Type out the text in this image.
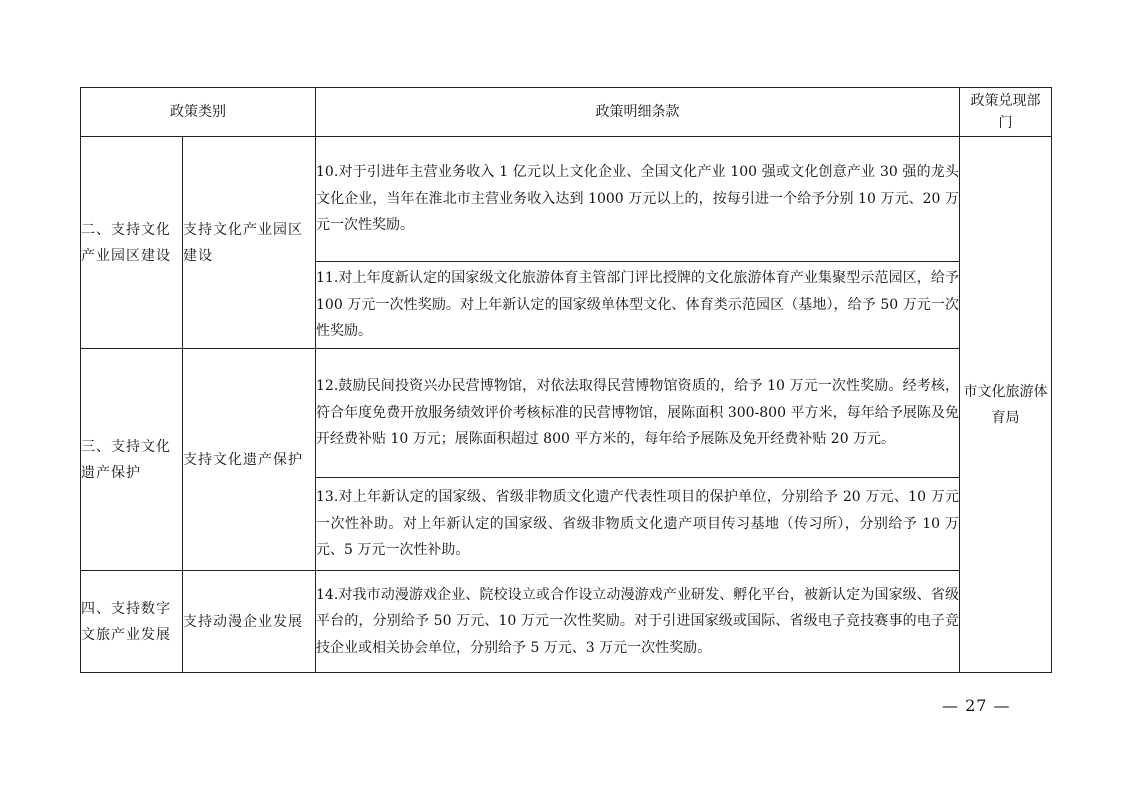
政策类别		政策明细条款	政策兑现部门
二、支持文化产业园区建设	支持文化产业园区建设	10.对于引进年主营业务收入 1 亿元以上文化企业、全国文化产业 100 强或文化创意产业 30 强的龙头文化企业，当年在淮北市主营业务收入达到 1000 万元以上的，按每引进一个给予分别 10 万元、20 万元一次性奖励。	市文化旅游体育局
		11.对上年度新认定的国家级文化旅游体育主管部门评比授牌的文化旅游体育产业集聚型示范园区，给予 100 万元一次性奖励。对上年新认定的国家级单体型文化、体育类示范园区（基地），给予 50 万元一次性奖励。	
三、支持文化遗产保护	支持文化遗产保护	12.鼓励民间投资兴办民营博物馆，对依法取得民营博物馆资质的，给予 10 万元一次性奖励。经考核，符合年度免费开放服务绩效评价考核标准的民营博物馆，展陈面积 300-800 平方米，每年给予展陈及免开经费补贴 10 万元；展陈面积超过 800 平方米的，每年给予展陈及免开经费补贴 20 万元。	
		13.对上年新认定的国家级、省级非物质文化遗产代表性项目的保护单位，分别给予 20 万元、10 万元一次性补助。对上年新认定的国家级、省级非物质文化遗产项目传习基地（传习所），分别给予 10 万元、5 万元一次性补助。	
四、支持数字文旅产业发展	支持动漫企业发展	14.对我市动漫游戏企业、院校设立或合作设立动漫游戏产业研发、孵化平台，被新认定为国家级、省级平台的，分别给予 50 万元、10 万元一次性奖励。对于引进国家级或国际、省级电子竞技赛事的电子竞技企业或相关协会单位，分别给予 5 万元、3 万元一次性奖励。	
— 27 —
